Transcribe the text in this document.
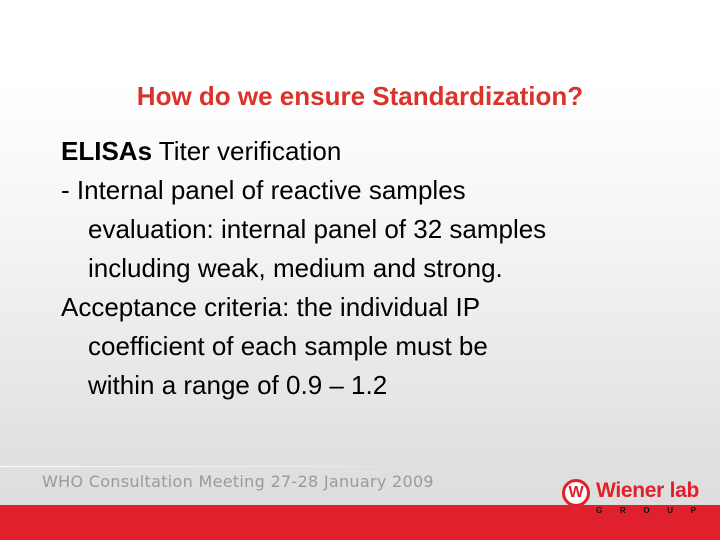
How do we ensure Standardization?
ELISAs Titer verification
- Internal panel of reactive samples
evaluation: internal panel of 32 samples
including weak, medium and strong.
Acceptance criteria: the individual IP
coefficient of each sample must be
within a range of 0.9 – 1.2
WHO Consultation Meeting 27-28 January 2009
W Wiener lab
G R O U P
